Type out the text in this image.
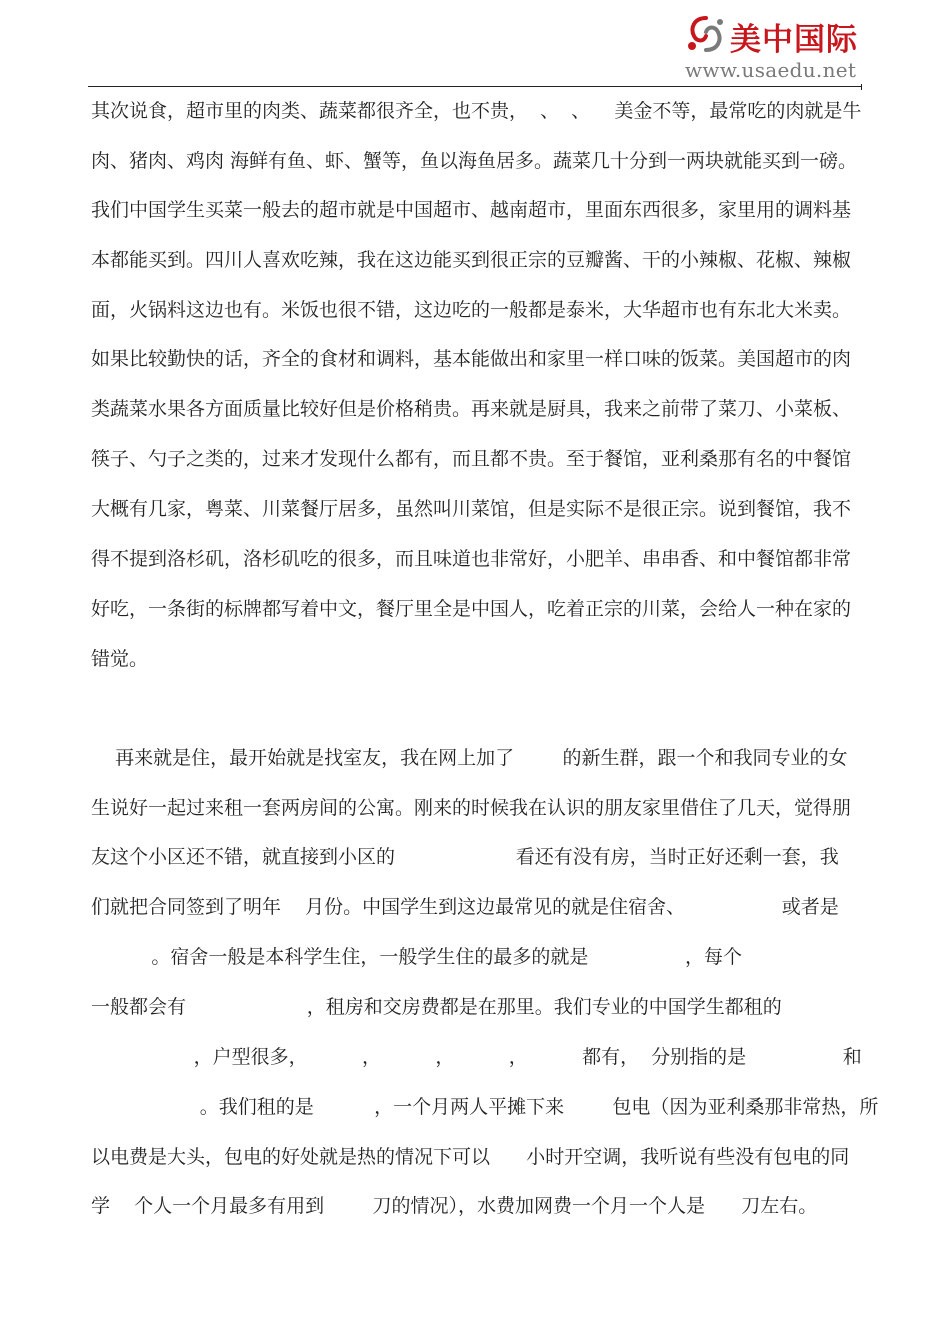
美中国际
www.usaedu.net

其次说食，超市里的肉类、蔬菜都很齐全，也不贵，  、  、    美金不等，最常吃的肉就是牛

肉、猪肉、鸡肉 海鲜有鱼、虾、蟹等，鱼以海鱼居多。蔬菜几十分到一两块就能买到一磅。

我们中国学生买菜一般去的超市就是中国超市、越南超市，里面东西很多，家里用的调料基

本都能买到。四川人喜欢吃辣，我在这边能买到很正宗的豆瓣酱、干的小辣椒、花椒、辣椒

面，火锅料这边也有。米饭也很不错，这边吃的一般都是泰米，大华超市也有东北大米卖。

如果比较勤快的话，齐全的食材和调料，基本能做出和家里一样口味的饭菜。美国超市的肉

类蔬菜水果各方面质量比较好但是价格稍贵。再来就是厨具，我来之前带了菜刀、小菜板、

筷子、勺子之类的，过来才发现什么都有，而且都不贵。至于餐馆，亚利桑那有名的中餐馆

大概有几家，粤菜、川菜餐厅居多，虽然叫川菜馆，但是实际不是很正宗。说到餐馆，我不

得不提到洛杉矶，洛杉矶吃的很多，而且味道也非常好，小肥羊、串串香、和中餐馆都非常

好吃，一条街的标牌都写着中文，餐厅里全是中国人，吃着正宗的川菜，会给人一种在家的

错觉。

再来就是住，最开始就是找室友，我在网上加了        的新生群，跟一个和我同专业的女

生说好一起过来租一套两房间的公寓。刚来的时候我在认识的朋友家里借住了几天，觉得朋

友这个小区还不错，就直接到小区的                    看还有没有房，当时正好还剩一套，我

们就把合同签到了明年    月份。中国学生到这边最常见的就是住宿舍、                或者是

。宿舍一般是本科学生住，一般学生住的最多的就是                ，每个

一般都会有                    ，租房和交房费都是在那里。我们专业的中国学生都租的

，户型很多，         ，         ，         ，         都有，  分别指的是                和

。我们租的是          ，一个月两人平摊下来        包电（因为亚利桑那非常热，所

以电费是大头，包电的好处就是热的情况下可以      小时开空调，我听说有些没有包电的同

学    个人一个月最多有用到        刀的情况），水费加网费一个月一个人是      刀左右。
